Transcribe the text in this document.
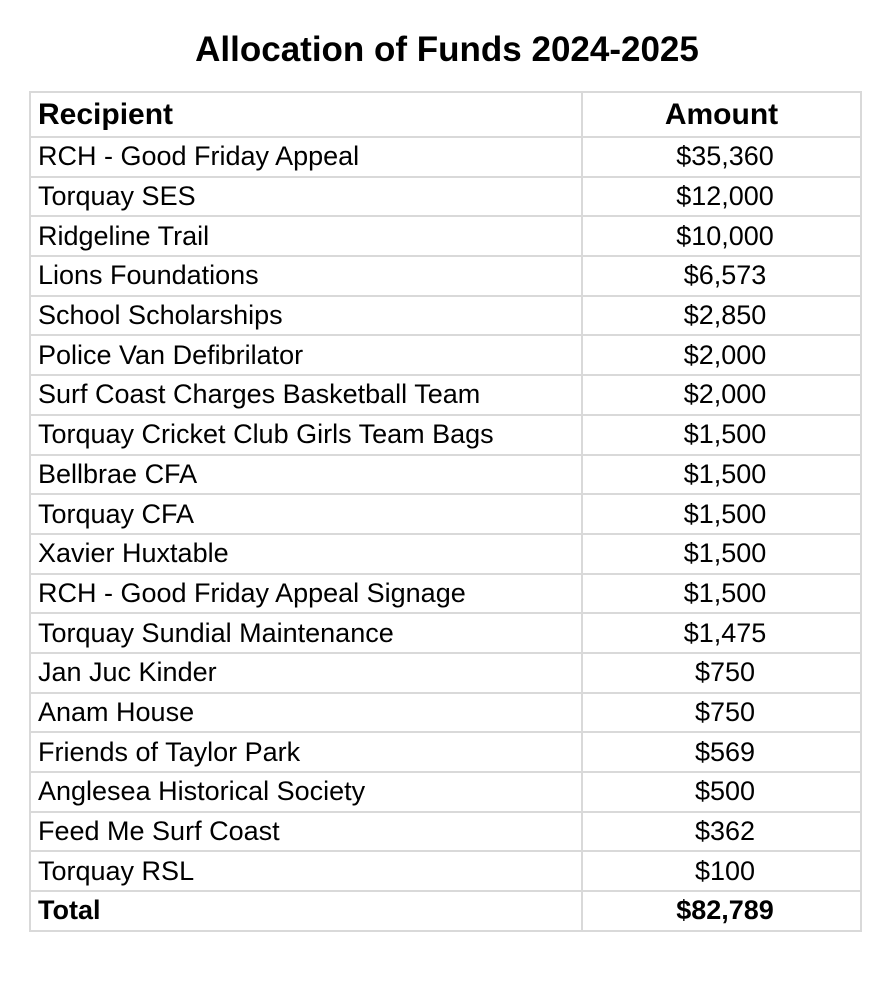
Allocation of Funds 2024-2025
Recipient	Amount
RCH - Good Friday Appeal	$35,360
Torquay SES	$12,000
Ridgeline Trail	$10,000
Lions Foundations	$6,573
School Scholarships	$2,850
Police Van Defibrilator	$2,000
Surf Coast Charges Basketball Team	$2,000
Torquay Cricket Club Girls Team Bags	$1,500
Bellbrae CFA	$1,500
Torquay CFA	$1,500
Xavier Huxtable	$1,500
RCH - Good Friday Appeal Signage	$1,500
Torquay Sundial Maintenance	$1,475
Jan Juc Kinder	$750
Anam House	$750
Friends of Taylor Park	$569
Anglesea Historical Society	$500
Feed Me Surf Coast	$362
Torquay RSL	$100
Total	$82,789
